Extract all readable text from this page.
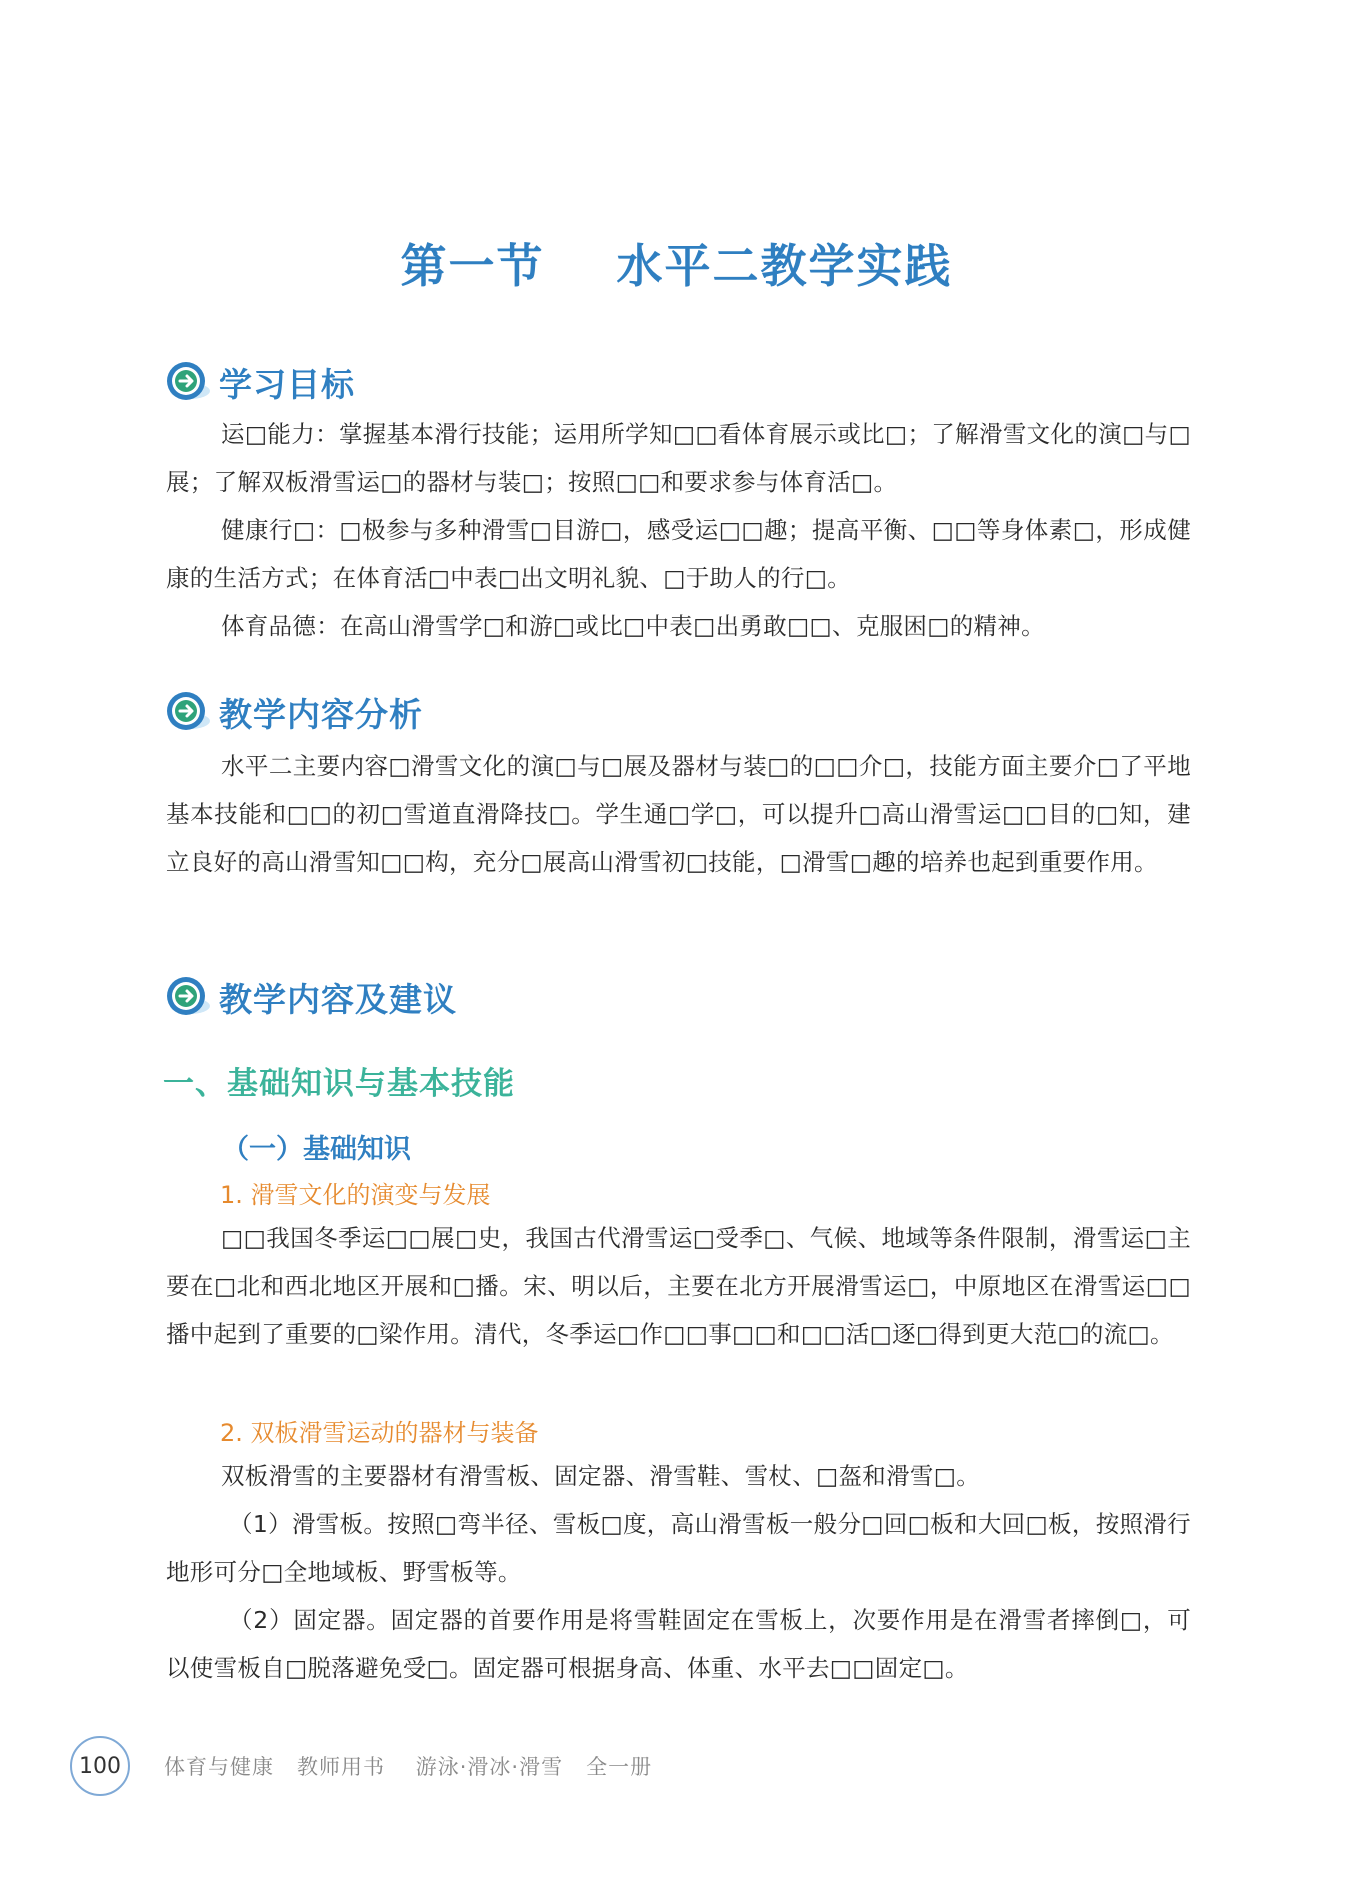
第一节    水平二教学实践
学习目标

运□能力：掌握基本滑行技能；运用所学知□□看体育展示或比□；了解滑雪文化的演□与□展；了解双板滑雪运□的器材与装□；按照□□和要求参与体育活□。

健康行□：□极参与多种滑雪□目游□，感受运□□趣；提高平衡、□□等身体素□，形成健康的生活方式；在体育活□中表□出文明礼貌、□于助人的行□。

体育品德：在高山滑雪学□和游□或比□中表□出勇敢□□、克服困□的精神。

教学内容分析

水平二主要内容□滑雪文化的演□与□展及器材与装□的□□介□，技能方面主要介□了平地基本技能和□□的初□雪道直滑降技□。学生通□学□，可以提升□高山滑雪运□□目的□知，建立良好的高山滑雪知□□构，充分□展高山滑雪初□技能，□滑雪□趣的培养也起到重要作用。

教学内容及建议
一、基础知识与基本技能
（一）基础知识
1. 滑雪文化的演变与发展

□□我国冬季运□□展□史，我国古代滑雪运□受季□、气候、地域等条件限制，滑雪运□主要在□北和西北地区开展和□播。宋、明以后，主要在北方开展滑雪运□，中原地区在滑雪运□□播中起到了重要的□梁作用。清代，冬季运□作□□事□□和□□活□逐□得到更大范□的流□。

2. 双板滑雪运动的器材与装备

双板滑雪的主要器材有滑雪板、固定器、滑雪鞋、雪杖、□盔和滑雪□。

（1）滑雪板。按照□弯半径、雪板□度，高山滑雪板一般分□回□板和大回□板，按照滑行地形可分□全地域板、野雪板等。

（2）固定器。固定器的首要作用是将雪鞋固定在雪板上，次要作用是在滑雪者摔倒□，可以使雪板自□脱落避免受□。固定器可根据身高、体重、水平去□□固定□。

100	体育与健康   教师用书    游泳·滑冰·滑雪   全一册
